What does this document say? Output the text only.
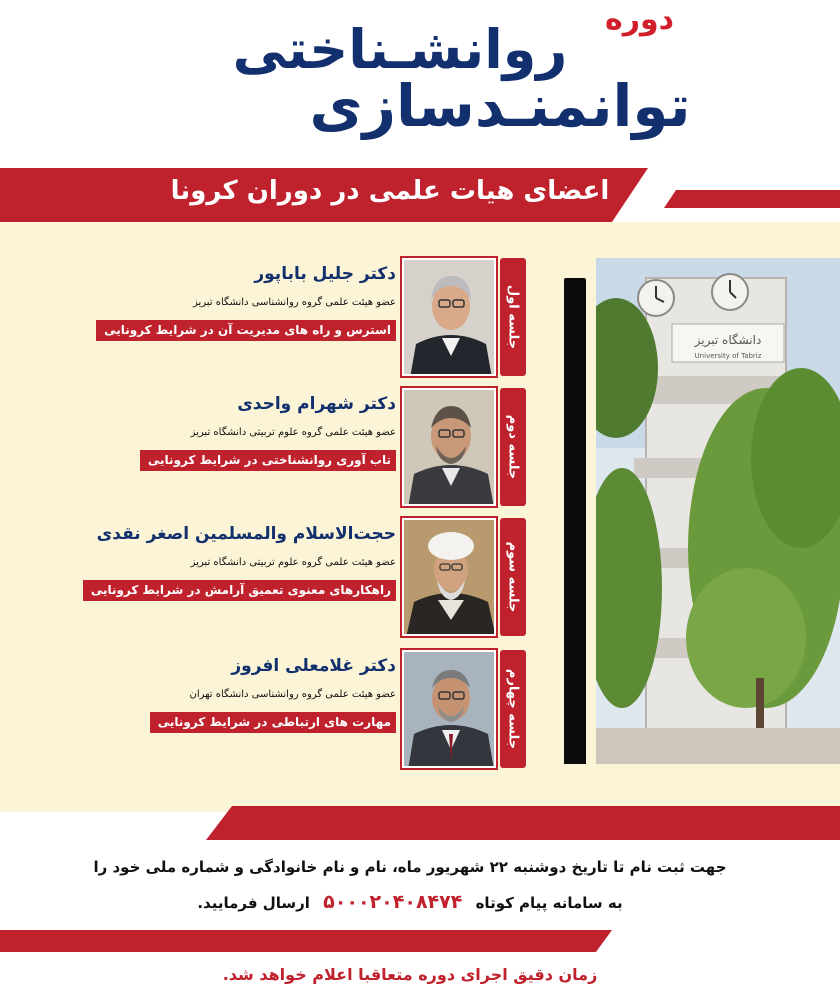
دوره
روانشـناختی
توانمنـدسازی
اعضای هیات علمی در دوران کرونا
دانشگاه تبریز
University of Tabriz
جلسه اول
دکتر جلیل باباپور
عضو هیئت علمی گروه روانشناسی دانشگاه تبریز
استرس و راه های مدیریت آن در شرایط کرونایی
جلسه دوم
دکتر شهرام واحدی
عضو هیئت علمی گروه علوم تربیتی دانشگاه تبریز
تاب آوری روانشناختی در شرایط کرونایی
جلسه سوم
حجت‌الاسلام والمسلمین اصغر نقدی
عضو هیئت علمی گروه علوم تربیتی دانشگاه تبریز
راهکارهای معنوی تعمیق آرامش در شرایط کرونایی
جلسه چهارم
دکتر غلامعلی افروز
عضو هیئت علمی گروه روانشناسی دانشگاه تهران
مهارت های ارتباطی در شرایط کرونایی
جهت ثبت نام تا تاریخ دوشنبه ۲۲ شهریور ماه، نام و نام خانوادگی و شماره ملی خود را
به سامانه پیام کوتاه ۵۰۰۰۲۰۴۰۸۴۷۴ ارسال فرمایید.
زمان دقیق اجرای دوره متعاقبا اعلام خواهد شد.
